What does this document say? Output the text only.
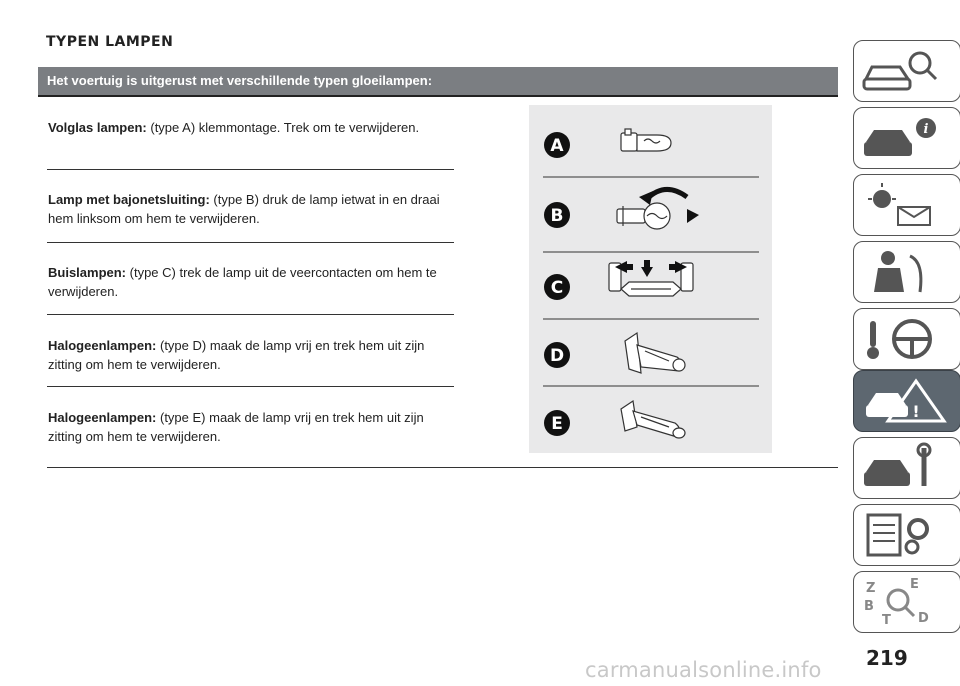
TYPEN LAMPEN
Het voertuig is uitgerust met verschillende typen gloeilampen:
Volglas lampen: (type A) klemmontage. Trek om te verwijderen.
Lamp met bajonetsluiting: (type B) druk de lamp ietwat in en draai hem linksom om hem te verwijderen.
Buislampen: (type C) trek de lamp uit de veercontacten om hem te verwijderen.
Halogeenlampen: (type D) maak de lamp vrij en trek hem uit zijn zitting om hem te verwijderen.
Halogeenlampen: (type E) maak de lamp vrij en trek hem uit zijn zitting om hem te verwijderen.
A
B
C
D
E
i
!
Z	E
B
D
T
219
carmanualsonline.info
